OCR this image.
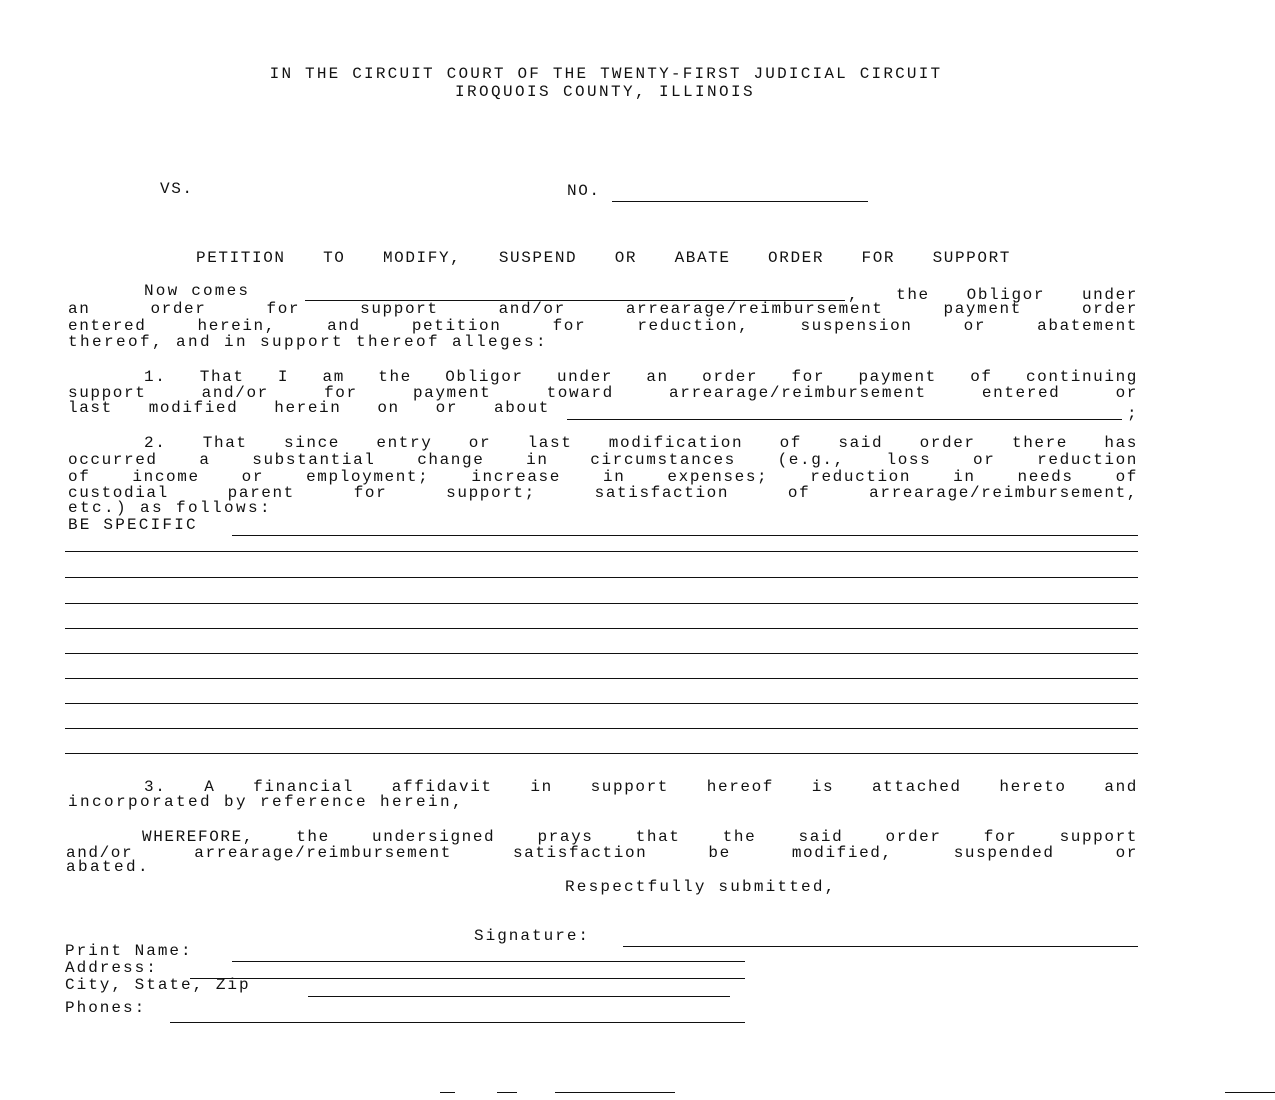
IN THE CIRCUIT COURT OF THE TWENTY-FIRST JUDICIAL CIRCUIT
IROQUOIS COUNTY, ILLINOIS
VS.	NO.
PETITION TO MODIFY, SUSPEND OR ABATE ORDER FOR SUPPORT
Now comes	, the Obligor under
an order for support and/or arrearage/reimbursement payment order
entered herein, and petition for reduction, suspension or abatement
thereof, and in support thereof alleges:
1. That I am the Obligor under an order for payment of continuing
support and/or for payment toward arrearage/reimbursement entered or
last modified herein on or about	;
2. That since entry or last modification of said order there has
occurred a substantial change in circumstances (e.g., loss or reduction
of income or employment; increase in expenses; reduction in needs of
custodial parent for support; satisfaction of arrearage/reimbursement,
etc.) as follows:
BE SPECIFIC
3. A financial affidavit in support hereof is attached hereto and
incorporated by reference herein,
WHEREFORE, the undersigned prays that the said order for support
and/or arrearage/reimbursement satisfaction be modified, suspended or
abated.
Respectfully submitted,
Signature:
Print Name:
Address:
City, State, Zip
Phones:
